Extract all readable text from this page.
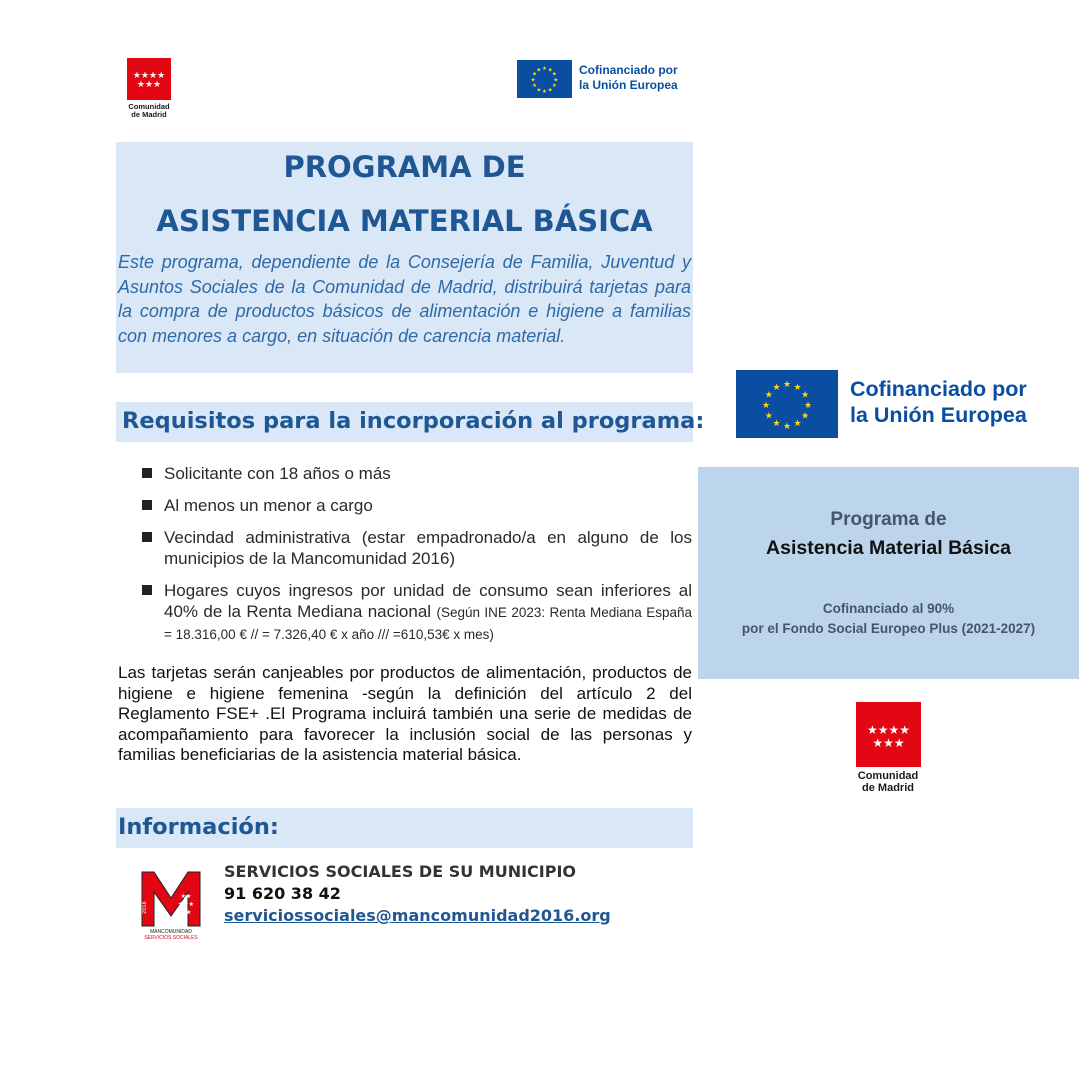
★★★★
★★★
Comunidad
de Madrid
★ ★
★
★
★
★
★
★
★
★
★
★	Cofinanciado por
la Unión Europea
PROGRAMA DE
ASISTENCIA MATERIAL BÁSICA
Este programa, dependiente de la Consejería de Familia, Juventud y Asuntos Sociales de la Comunidad de Madrid, distribuirá tarjetas para la compra de productos básicos de alimentación e higiene a familias con menores a cargo, en situación de carencia material.
Requisitos para la incorporación al programa:
Solicitante con 18 años o más
Al menos un menor a cargo
Vecindad administrativa (estar empadronado/a en alguno de los municipios de la Mancomunidad 2016)
Hogares cuyos ingresos por unidad de consumo sean inferiores al 40% de la Renta Mediana nacional (Según INE 2023: Renta Mediana España = 18.316,00 € // = 7.326,40 € x año /// =610,53€ x mes)
Las tarjetas serán canjeables por productos de alimentación, productos de higiene e higiene femenina -según la definición del artículo 2 del Reglamento FSE+ .El Programa incluirá también una serie de medidas de acompañamiento para favorecer la inclusión social de las personas y familias beneficiarias de la asistencia material básica.
Información:
★★
★★★
★★
2016
MANCOMUNIDAD
SERVICIOS SOCIALES
SERVICIOS SOCIALES DE SU MUNICIPIO
91 620 38 42
serviciossociales@mancomunidad2016.org
★ ★
★
★
★
★
★
★
★
★
★
★	Cofinanciado por
la Unión Europea
Programa de
Asistencia Material Básica
Cofinanciado al 90%
por el Fondo Social Europeo Plus (2021-2027)
★★★★
★★★
Comunidad
de Madrid
